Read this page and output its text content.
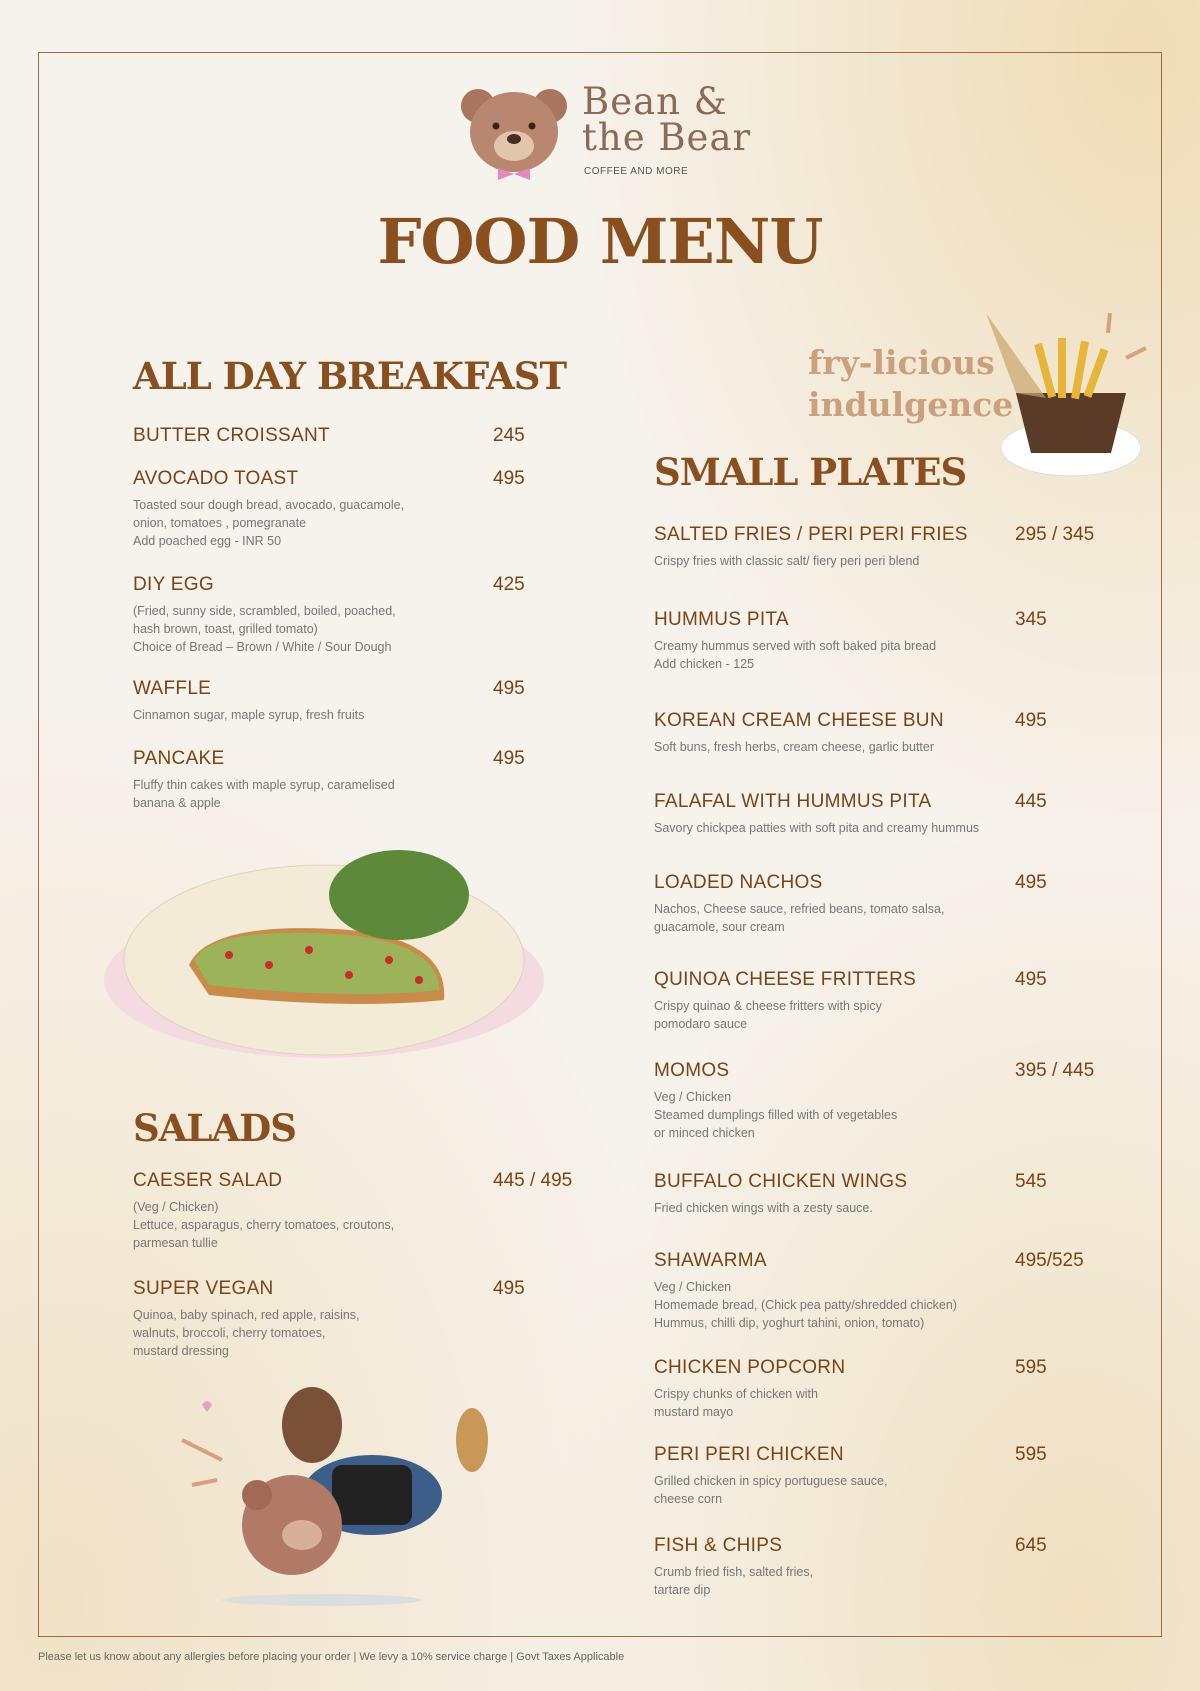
Bean &
the Bear
COFFEE AND MORE
FOOD MENU
ALL DAY BREAKFAST
SALADS
SMALL PLATES
fry-licious
indulgence
BUTTER CROISSANT	245
AVOCADO TOAST	495
Toasted sour dough bread, avocado, guacamole,
onion, tomatoes , pomegranate
Add poached egg - INR 50
DIY EGG	425
(Fried, sunny side, scrambled, boiled, poached,
hash brown, toast, grilled tomato)
Choice of Bread – Brown / White / Sour Dough
WAFFLE	495
Cinnamon sugar, maple syrup, fresh fruits
PANCAKE	495
Fluffy thin cakes with maple syrup, caramelised
banana & apple
CAESER SALAD	445 / 495
(Veg / Chicken)
Lettuce, asparagus, cherry tomatoes, croutons,
parmesan tullie
SUPER VEGAN	495
Quinoa, baby spinach, red apple, raisins,
walnuts, broccoli, cherry tomatoes,
mustard dressing
SALTED FRIES / PERI PERI FRIES	295 / 345
Crispy fries with classic salt/ fiery peri peri blend
HUMMUS PITA	345
Creamy hummus served with soft baked pita bread
Add chicken - 125
KOREAN CREAM CHEESE BUN	495
Soft buns, fresh herbs, cream cheese, garlic butter
FALAFAL WITH HUMMUS PITA	445
Savory chickpea patties with soft pita and creamy hummus
LOADED NACHOS	495
Nachos, Cheese sauce, refried beans, tomato salsa,
guacamole, sour cream
QUINOA CHEESE FRITTERS	495
Crispy quinao & cheese fritters with spicy
pomodaro sauce
MOMOS	395 / 445
Veg / Chicken
Steamed dumplings filled with of vegetables
or minced chicken
BUFFALO CHICKEN WINGS	545
Fried chicken wings with a zesty sauce.
SHAWARMA	495/525
Veg / Chicken
Homemade bread, (Chick pea patty/shredded chicken)
Hummus, chilli dip, yoghurt tahini, onion, tomato)
CHICKEN POPCORN	595
Crispy chunks of chicken with
mustard mayo
PERI PERI CHICKEN	595
Grilled chicken in spicy portuguese sauce,
cheese corn
FISH & CHIPS	645
Crumb fried fish, salted fries,
tartare dip
Please let us know about any allergies before placing your order | We levy a 10% service charge | Govt Taxes Applicable
